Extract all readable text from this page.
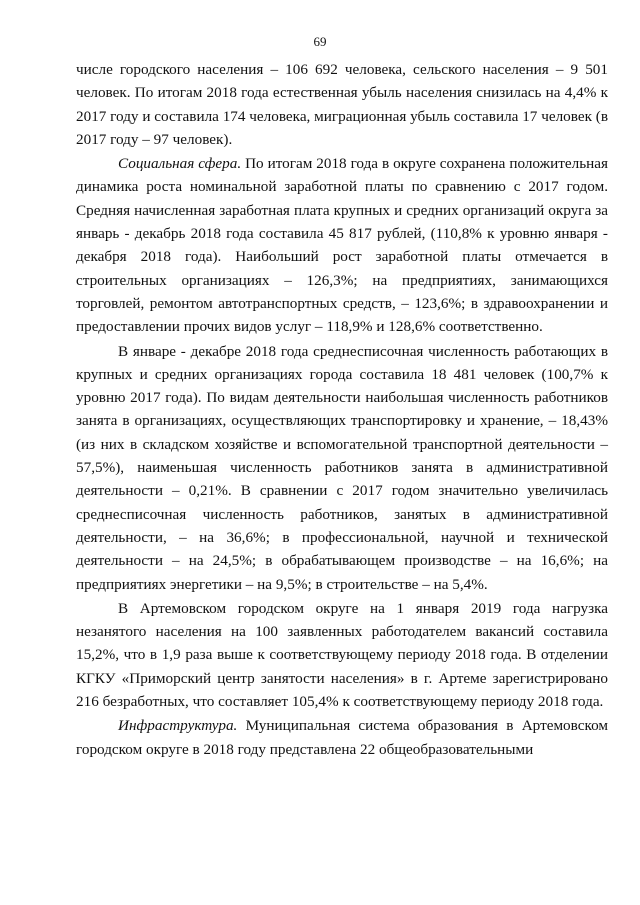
69

числе городского населения – 106 692 человека, сельского населения – 9 501 человек. По итогам 2018 года естественная убыль населения снизилась на 4,4% к 2017 году и составила 174 человека, миграционная убыль составила 17 человек (в 2017 году – 97 человек).

Социальная сфера. По итогам 2018 года в округе сохранена положительная динамика роста номинальной заработной платы по сравнению с 2017 годом. Средняя начисленная заработная плата крупных и средних организаций округа за январь - декабрь 2018 года составила 45 817 рублей, (110,8% к уровню января - декабря 2018 года). Наибольший рост заработной платы отмечается в строительных организациях – 126,3%; на предприятиях, занимающихся торговлей, ремонтом автотранспортных средств, – 123,6%; в здравоохранении и предоставлении прочих видов услуг – 118,9% и 128,6% соответственно.

В январе - декабре 2018 года среднесписочная численность работающих в крупных и средних организациях города составила 18 481 человек (100,7% к уровню 2017 года). По видам деятельности наибольшая численность работников занята в организациях, осуществляющих транспортировку и хранение, – 18,43% (из них в складском хозяйстве и вспомогательной транспортной деятельности – 57,5%), наименьшая численность работников занята в административной деятельности – 0,21%. В сравнении с 2017 годом значительно увеличилась среднесписочная численность работников, занятых в административной деятельности, – на 36,6%; в профессиональной, научной и технической деятельности – на 24,5%; в обрабатывающем производстве – на 16,6%; на предприятиях энергетики – на 9,5%; в строительстве – на 5,4%.

В Артемовском городском округе на 1 января 2019 года нагрузка незанятого населения на 100 заявленных работодателем вакансий составила 15,2%, что в 1,9 раза выше к соответствующему периоду 2018 года. В отделении КГКУ «Приморский центр занятости населения» в г. Артеме зарегистрировано 216 безработных, что составляет 105,4% к соответствующему периоду 2018 года.

Инфраструктура. Муниципальная система образования в Артемовском городском округе в 2018 году представлена 22 общеобразовательными
